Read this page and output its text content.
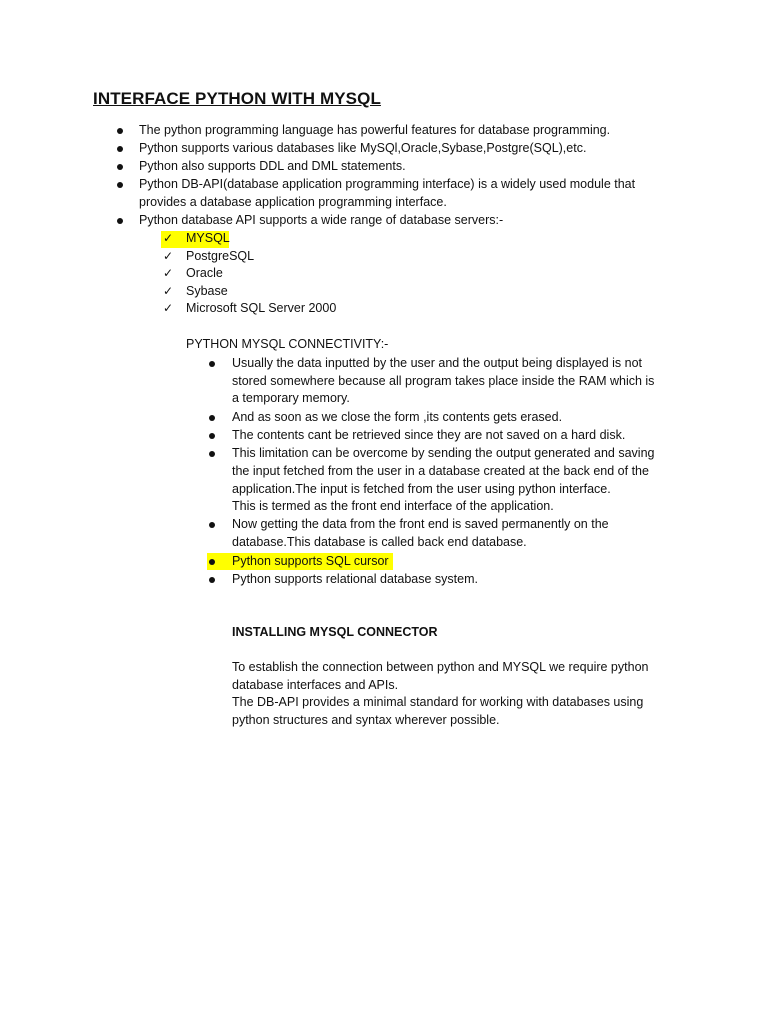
INTERFACE PYTHON WITH MYSQL
The python programming language has powerful features for database programming.
Python supports various databases like MySQl,Oracle,Sybase,Postgre(SQL),etc.
Python also supports DDL and DML statements.
Python DB-API(database application programming interface) is a widely used module that
provides a database application programming interface.
Python database API supports a wide range of database servers:-
✓ MYSQL
✓ PostgreSQL
✓ Oracle
✓ Sybase
✓ Microsoft SQL Server 2000
PYTHON MYSQL CONNECTIVITY:-
Usually the data inputted by the user and the output being displayed is not
stored somewhere because all program takes place inside the RAM which is
a temporary memory.
And as soon as we close the form ,its contents gets erased.
The contents cant be retrieved since they are not saved on a hard disk.
This limitation can be overcome by sending the output generated and saving
the input fetched from the user in a database created at the back end of the
application.The input is fetched from the user using python interface.
This is termed as the front end interface of the application.
Now getting the data from the front end is saved permanently on the
database.This database is called back end database.
Python supports SQL cursor
Python supports relational database system.
INSTALLING MYSQL CONNECTOR
To establish the connection between python and MYSQL we require python
database interfaces and APIs.
The DB-API provides a minimal standard for working with databases using
python structures and syntax wherever possible.
